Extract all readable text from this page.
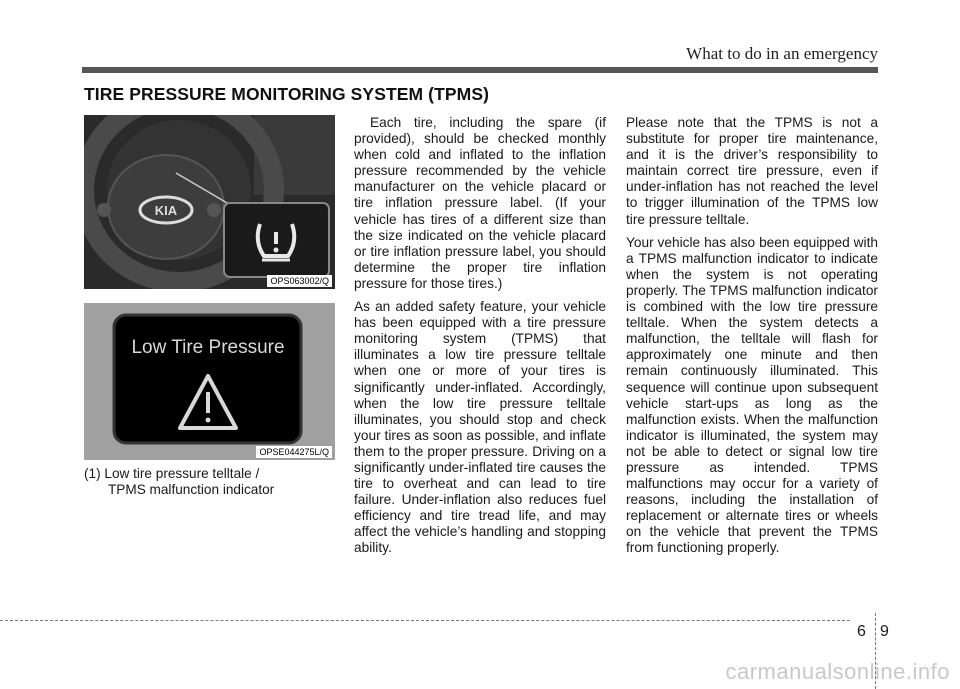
What to do in an emergency
TIRE PRESSURE MONITORING SYSTEM (TPMS)
KIA
OPS063002/Q
Low Tire Pressure
OPSE044275L/Q
(1) Low tire pressure telltale /
TPMS malfunction indicator

Each tire, including the spare (if provided), should be checked monthly when cold and inflated to the inflation pressure recommended by the vehicle manufacturer on the vehicle placard or tire inflation pressure label. (If your vehicle has tires of a different size than the size indicated on the vehicle placard or tire inflation pressure label, you should determine the proper tire inflation pressure for those tires.)

As an added safety feature, your vehicle has been equipped with a tire pressure monitoring system (TPMS) that illuminates a low tire pressure telltale when one or more of your tires is significantly under-inflated. Accordingly, when the low tire pressure telltale illuminates, you should stop and check your tires as soon as possible, and inflate them to the proper pressure. Driving on a significantly under-inflated tire causes the tire to overheat and can lead to tire failure. Under-inflation also reduces fuel efficiency and tire tread life, and may affect the vehicle’s handling and stopping ability.

Please note that the TPMS is not a substitute for proper tire maintenance, and it is the driver’s responsibility to maintain correct tire pressure, even if under-inflation has not reached the level to trigger illumination of the TPMS low tire pressure telltale.

Your vehicle has also been equipped with a TPMS malfunction indicator to indicate when the system is not operating properly. The TPMS malfunction indicator is combined with the low tire pressure telltale. When the system detects a malfunction, the telltale will flash for approximately one minute and then remain continuously illuminated. This sequence will continue upon subsequent vehicle start-ups as long as the malfunction exists. When the malfunction indicator is illuminated, the system may not be able to detect or signal low tire pressure as intended. TPMS malfunctions may occur for a variety of reasons, including the installation of replacement or alternate tires or wheels on the vehicle that prevent the TPMS from functioning properly.

6 9
carmanualsonline.info
